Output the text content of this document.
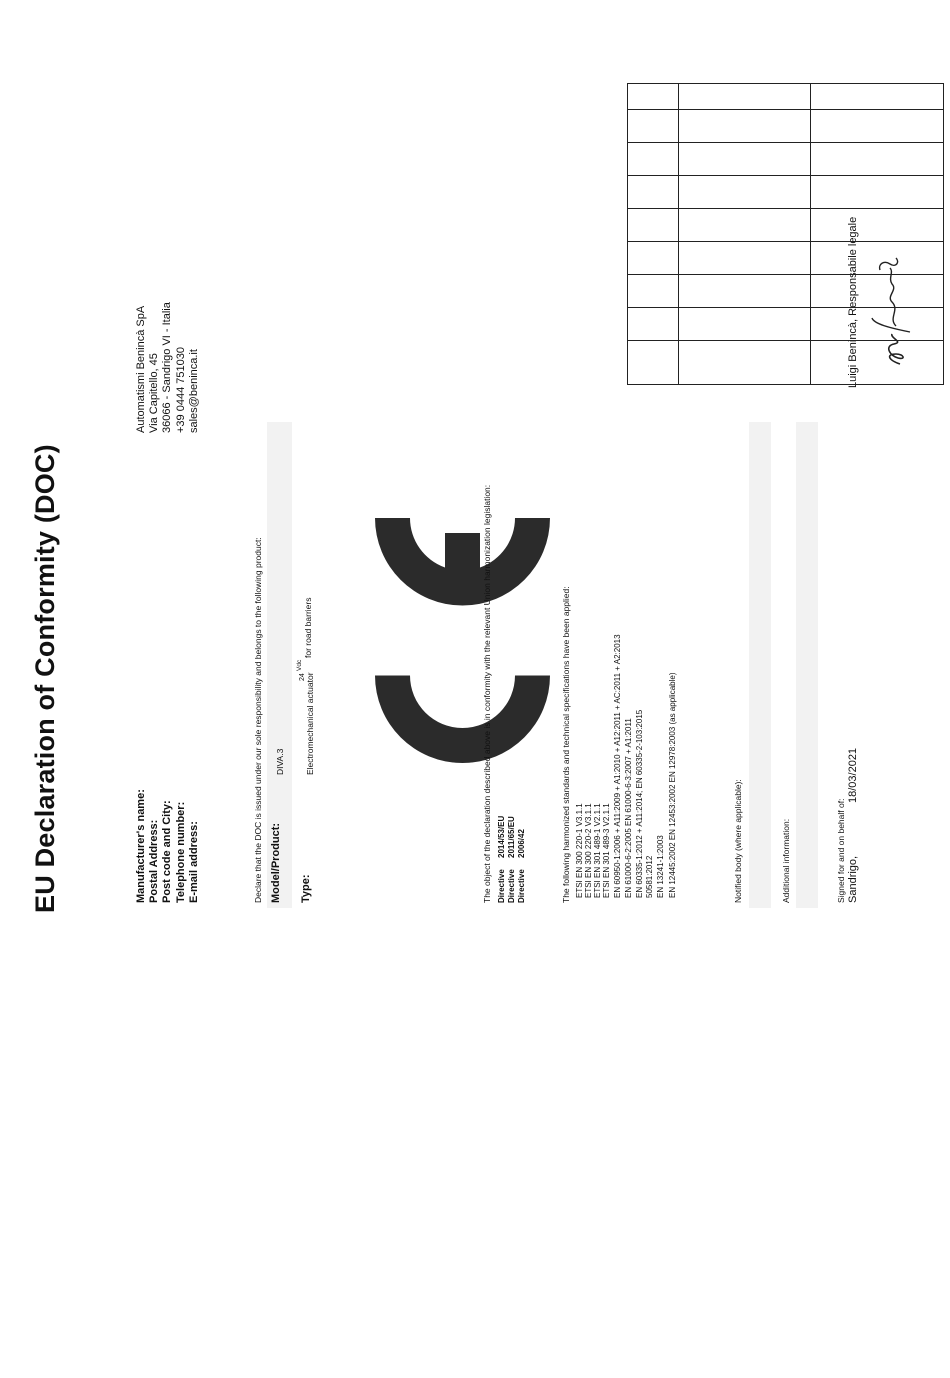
EU Declaration of Conformity (DOC)	Manufacturer's name:
Automatismi Benincà SpA
Postal Address:
Via Capitello, 45
Post code and City:
36066 - Sandrigo VI - Italia
Telephone number:
+39 0444 751030
E-mail address:
sales@beninca.it
Declare that the DOC is issued under our sole responsibility and belongs to the following product: Model/Product:
DIVA.3
Type:
Electromechanical actuator
24
Vdc
for road barriers	The object of the declaration described above is in conformity with the relevant Union harmonization legislation: Directive
2014/53/EU
Directive
2011/65/EU
Directive
2006/42	The following harmonized standards and technical specifications have been applied: ETSI EN 300 220-1 V3.1.1 ETSI EN 300 220-2 V3.1.1 ETSI EN 301 489-1 V2.1.1 ETSI EN 301 489-3 V2.1.1 EN 60950-1:2006 + A11:2009 + A1:2010 + A12:2011 + AC:2011 + A2:2013 EN 61000-6-2:2005 EN 61000-6-3:2007 + A1:2011 EN 60335-1:2012 + A11:2014; EN 60335-2-103:2015 50581:2012 EN 13241-1:2003 EN 12445:2002 EN 12453:2002 EN 12978:2003 (as applicable)	Notified body (where applicable):	Additional information:	Signed for and on behalf of: Sandrigo,
18/03/2021
Luigi Benincà, Responsabile legale
